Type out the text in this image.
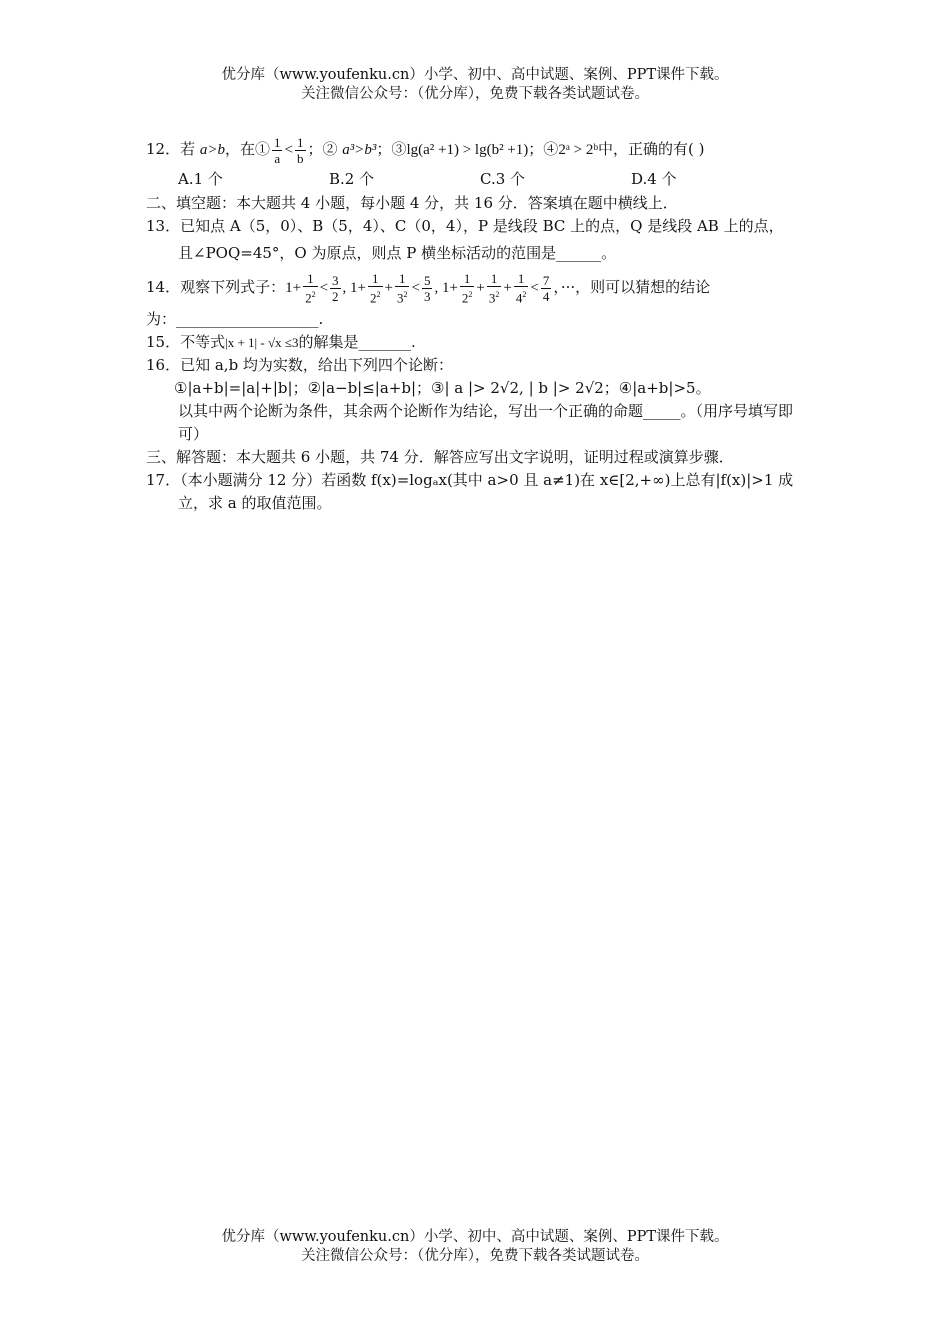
优分库（www.youfenku.cn）小学、初中、高中试题、案例、PPT课件下载。
关注微信公众号：（优分库），免费下载各类试题试卷。
12．若 a>b，在① $\frac{1}{a} < \frac{1}{b}$ ；② a³>b³；③lg(a² +1) > lg(b² +1)；④2ᵃ > 2ᵇ中，正确的有( )
A.1 个	B.2 个	C.3 个	D.4 个
二、填空题：本大题共 4 小题，每小题 4 分，共 16 分．答案填在题中横线上．
13．已知点 A（5，0）、B（5，4）、C（0，4），P 是线段 BC 上的点，Q 是线段 AB 上的点，
且∠POQ=45°，O 为原点，则点 P 横坐标活动的范围是______。
14．观察下列式子：$1+ \frac{1}{2^2} < \frac{3}{2}$ , $1+ \frac{1}{2^2} + \frac{1}{3^2} < \frac{5}{3}$ , $1+ \frac{1}{2^2} + \frac{1}{3^2} + \frac{1}{4^2} < \frac{7}{4}$ ，···，则可以猜想的结论
为：___________________.
15．不等式|x + 1| - √x ≤3的解集是_______.
16．已知 a,b 均为实数，给出下列四个论断：
①|a+b|=|a|+|b|；②|a−b|≤|a+b|；③| a |> 2√2, | b |> 2√2；④|a+b|>5。
以其中两个论断为条件，其余两个论断作为结论，写出一个正确的命题_____。（用序号填写即可）
三、解答题：本大题共 6 小题，共 74 分．解答应写出文字说明，证明过程或演算步骤．
17．（本小题满分 12 分）若函数 f(x)=logₐx(其中 a>0 且 a≠1)在 x∈[2,+∞)上总有|f(x)|>1 成
立，求 a 的取值范围。
优分库（www.youfenku.cn）小学、初中、高中试题、案例、PPT课件下载。
关注微信公众号：（优分库），免费下载各类试题试卷。
